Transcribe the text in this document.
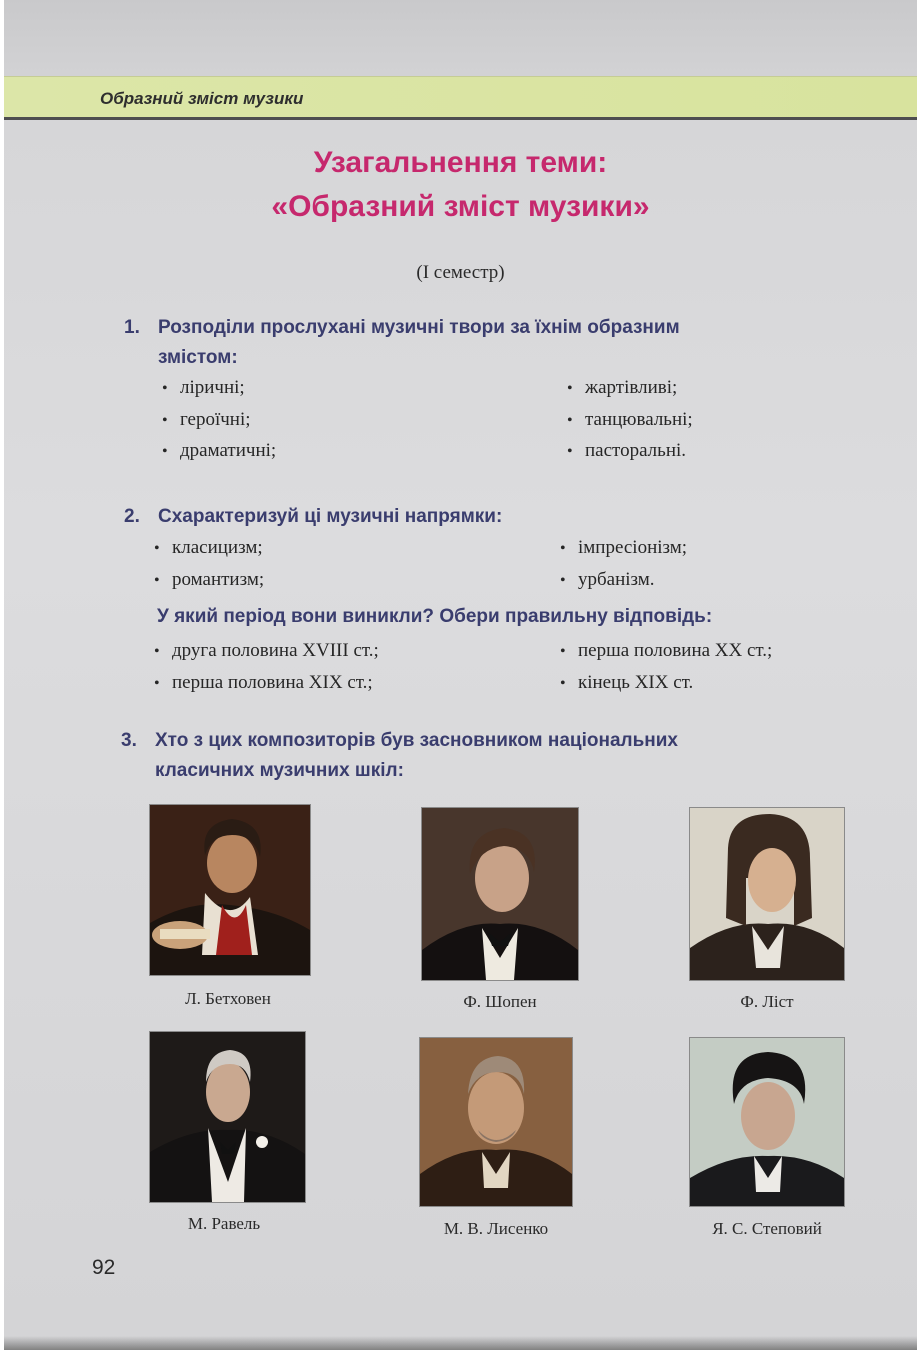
Образний зміст музики
Узагальнення теми:
«Образний зміст музики»
(І семестр)
1. Розподіли прослухані музичні твори за їхнім образним
змістом:
• ліричні;
• героїчні;
• драматичні;
• жартівливі;
• танцювальні;
• пасторальні.
2. Схарактеризуй ці музичні напрямки:
• класицизм;
• романтизм;
• імпресіонізм;
• урбанізм.
У який період вони виникли? Обери правильну відповідь:
• друга половина XVIII ст.;
• перша половина XIX ст.;
• перша половина XX ст.;
• кінець XIX ст.
3. Хто з цих композиторів був засновником національних
класичних музичних шкіл:
Л. Бетховен	Ф. Шопен	Ф. Ліст
М. Равель	М. В. Лисенко	Я. С. Степовий
92
